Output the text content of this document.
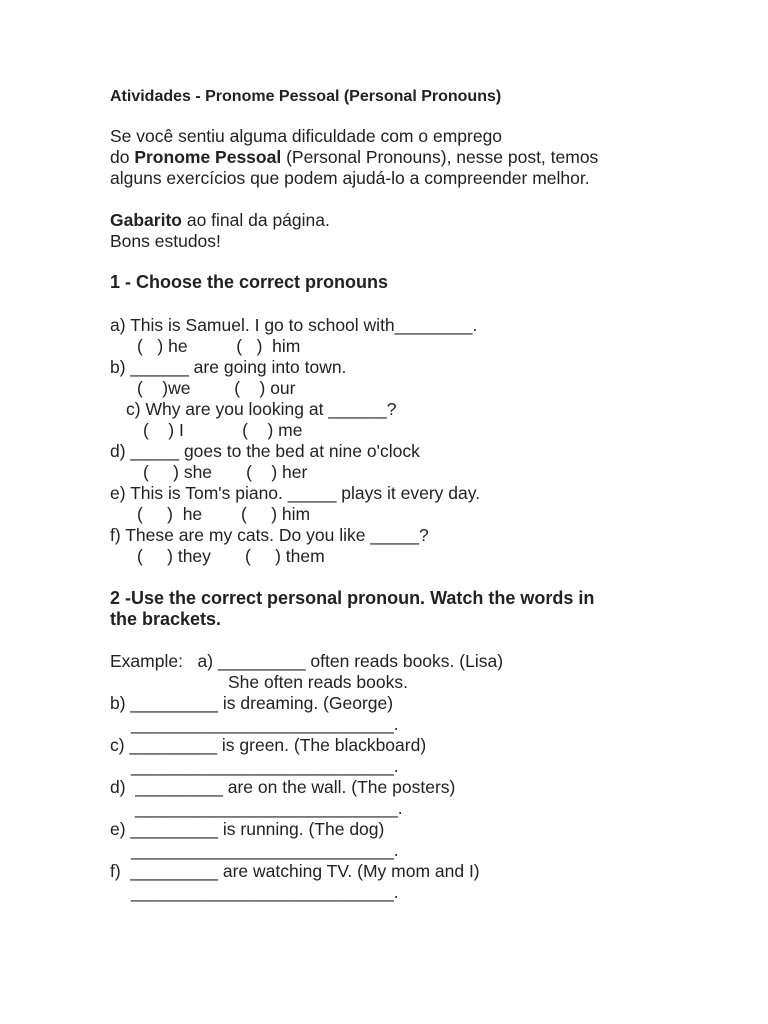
Atividades - Pronome Pessoal (Personal Pronouns)
Se você sentiu alguma dificuldade com o emprego
do Pronome Pessoal (Personal Pronouns), nesse post, temos
alguns exercícios que podem ajudá-lo a compreender melhor.
Gabarito ao final da página.
Bons estudos!
1 - Choose the correct pronouns
a) This is Samuel. I go to school with________.
(   ) he          (   )  him
b) ______ are going into town.
(    )we         (    ) our
c) Why are you looking at ______?
(    ) I            (    ) me
d) _____ goes to the bed at nine o'clock
(     ) she       (    ) her
e) This is Tom's piano. _____ plays it every day.
(     )  he        (     ) him
f) These are my cats. Do you like _____?
(     ) they       (     ) them
2 -Use the correct personal pronoun. Watch the words in
the brackets.
Example:   a) _________ often reads books. (Lisa)
She often reads books.
b) _________ is dreaming. (George)
___________________________.
c) _________ is green. (The blackboard)
___________________________.
d)  _________ are on the wall. (The posters)
___________________________.
e) _________ is running. (The dog)
___________________________.
f)  _________ are watching TV. (My mom and I)
___________________________.
